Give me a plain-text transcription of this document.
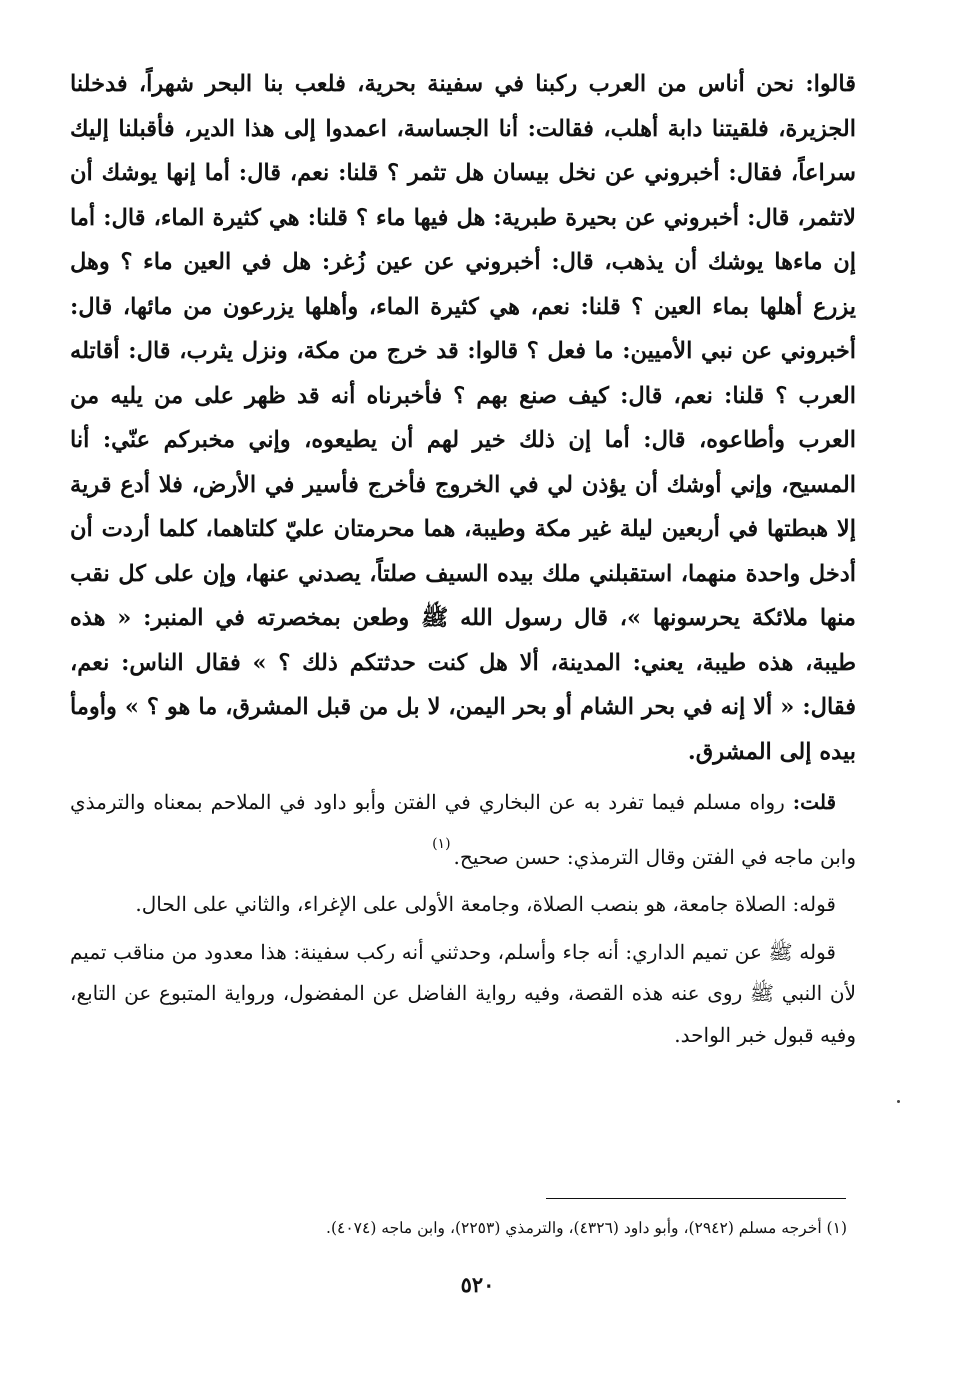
قالوا: نحن أناس من العرب ركبنا في سفينة بحرية، فلعب بنا البحر شهراً، فدخلنا الجزيرة، فلقيتنا دابة أهلب، فقالت: أنا الجساسة، اعمدوا إلى هذا الدير، فأقبلنا إليك سراعاً، فقال: أخبروني عن نخل بيسان هل تثمر ؟ قلنا: نعم، قال: أما إنها يوشك أن لاتثمر، قال: أخبروني عن بحيرة طبرية: هل فيها ماء ؟ قلنا: هي كثيرة الماء، قال: أما إن ماءها يوشك أن يذهب، قال: أخبروني عن عين زُغر: هل في العين ماء ؟ وهل يزرع أهلها بماء العين ؟ قلنا: نعم، هي كثيرة الماء، وأهلها يزرعون من مائها، قال: أخبروني عن نبي الأميين: ما فعل ؟ قالوا: قد خرج من مكة، ونزل يثرب، قال: أقاتله العرب ؟ قلنا: نعم، قال: كيف صنع بهم ؟ فأخبرناه أنه قد ظهر على من يليه من العرب وأطاعوه، قال: أما إن ذلك خير لهم أن يطيعوه، وإني مخبركم عنّي: أنا المسيح، وإني أوشك أن يؤذن لي في الخروج فأخرج فأسير في الأرض، فلا أدع قرية إلا هبطتها في أربعين ليلة غير مكة وطيبة، هما محرمتان عليّ كلتاهما، كلما أردت أن أدخل واحدة منهما، استقبلني ملك بيده السيف صلتاً، يصدني عنها، وإن على كل نقب منها ملائكة يحرسونها »، قال رسول الله ﷺ وطعن بمخصرته في المنبر: « هذه طيبة، هذه طيبة، يعني: المدينة، ألا هل كنت حدثتكم ذلك ؟ » فقال الناس: نعم، فقال: « ألا إنه في بحر الشام أو بحر اليمن، لا بل من قبل المشرق، ما هو ؟ » وأومأ بيده إلى المشرق.

قلت: رواه مسلم فيما تفرد به عن البخاري في الفتن وأبو داود في الملاحم بمعناه والترمذي وابن ماجه في الفتن وقال الترمذي: حسن صحيح.$^{(١)}$

قوله: الصلاة جامعة، هو بنصب الصلاة، وجامعة الأولى على الإغراء، والثاني على الحال.

قوله ﷺ عن تميم الداري: أنه جاء وأسلم، وحدثني أنه ركب سفينة: هذا معدود من مناقب تميم لأن النبي ﷺ روى عنه هذه القصة، وفيه رواية الفاضل عن المفضول، ورواية المتبوع عن التابع، وفيه قبول خبر الواحد.

(١) أخرجه مسلم (٢٩٤٢)، وأبو داود (٤٣٢٦)، والترمذي (٢٢٥٣)، وابن ماجه (٤٠٧٤).
٥٢٠
